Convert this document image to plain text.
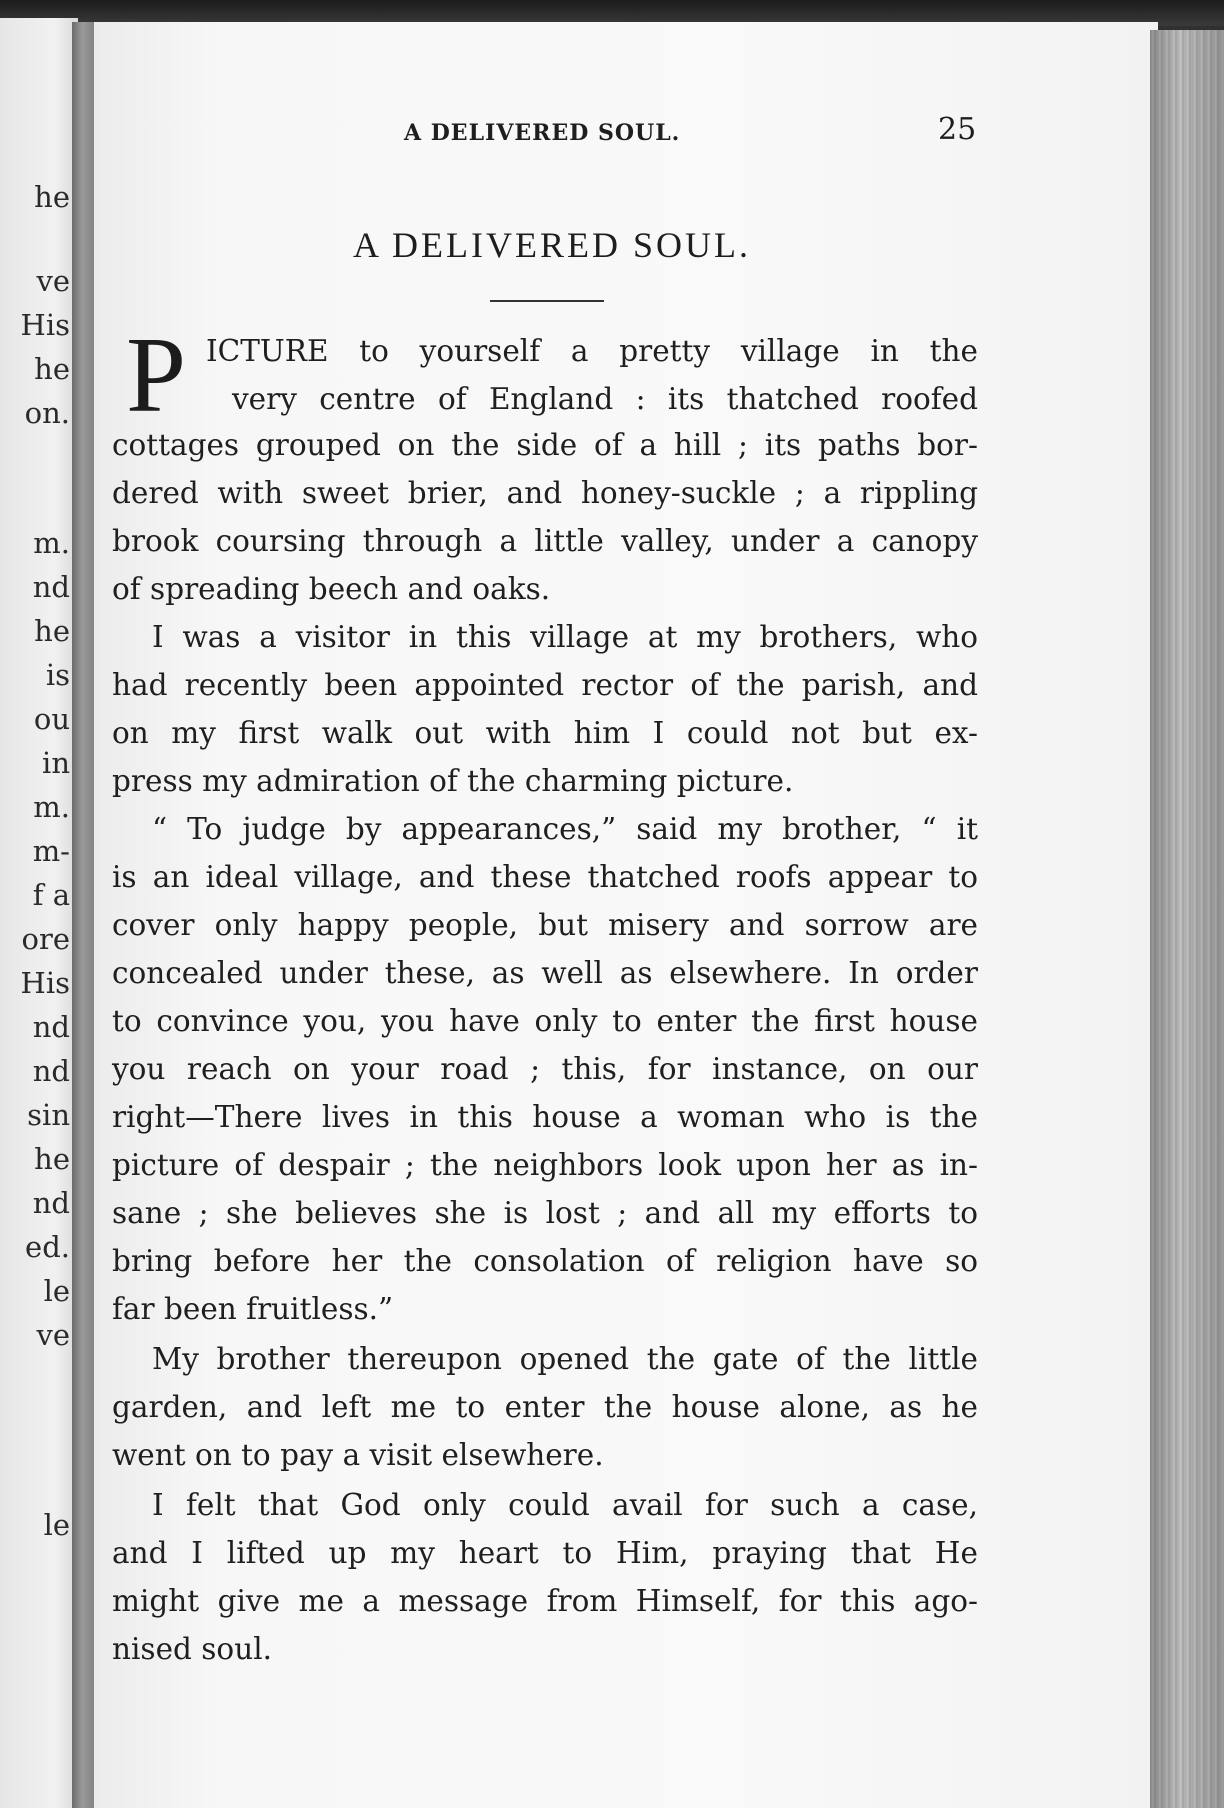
he
ve
His
he
on.
m.
nd
he
is
ou
in
m.
m-
f a
ore
His
nd
nd
sin
he
nd
ed.
le
ve
le
A DELIVERED SOUL.	25
A DELIVERED SOUL.
P ICTURE to yourself a pretty village in the
very centre of England : its thatched roofed
cottages grouped on the side of a hill ; its paths bor-
dered with sweet brier, and honey-suckle ; a rippling
brook coursing through a little valley, under a canopy
of spreading beech and oaks.
I was a visitor in this village at my brothers, who
had recently been appointed rector of the parish, and
on my first walk out with him I could not but ex-
press my admiration of the charming picture.
“ To judge by appearances,” said my brother, “ it
is an ideal village, and these thatched roofs appear to
cover only happy people, but misery and sorrow are
concealed under these, as well as elsewhere. In order
to convince you, you have only to enter the first house
you reach on your road ; this, for instance, on our
right—There lives in this house a woman who is the
picture of despair ; the neighbors look upon her as in-
sane ; she believes she is lost ; and all my efforts to
bring before her the consolation of religion have so
far been fruitless.”
My brother thereupon opened the gate of the little
garden, and left me to enter the house alone, as he
went on to pay a visit elsewhere.
I felt that God only could avail for such a case,
and I lifted up my heart to Him, praying that He
might give me a message from Himself, for this ago-
nised soul.
